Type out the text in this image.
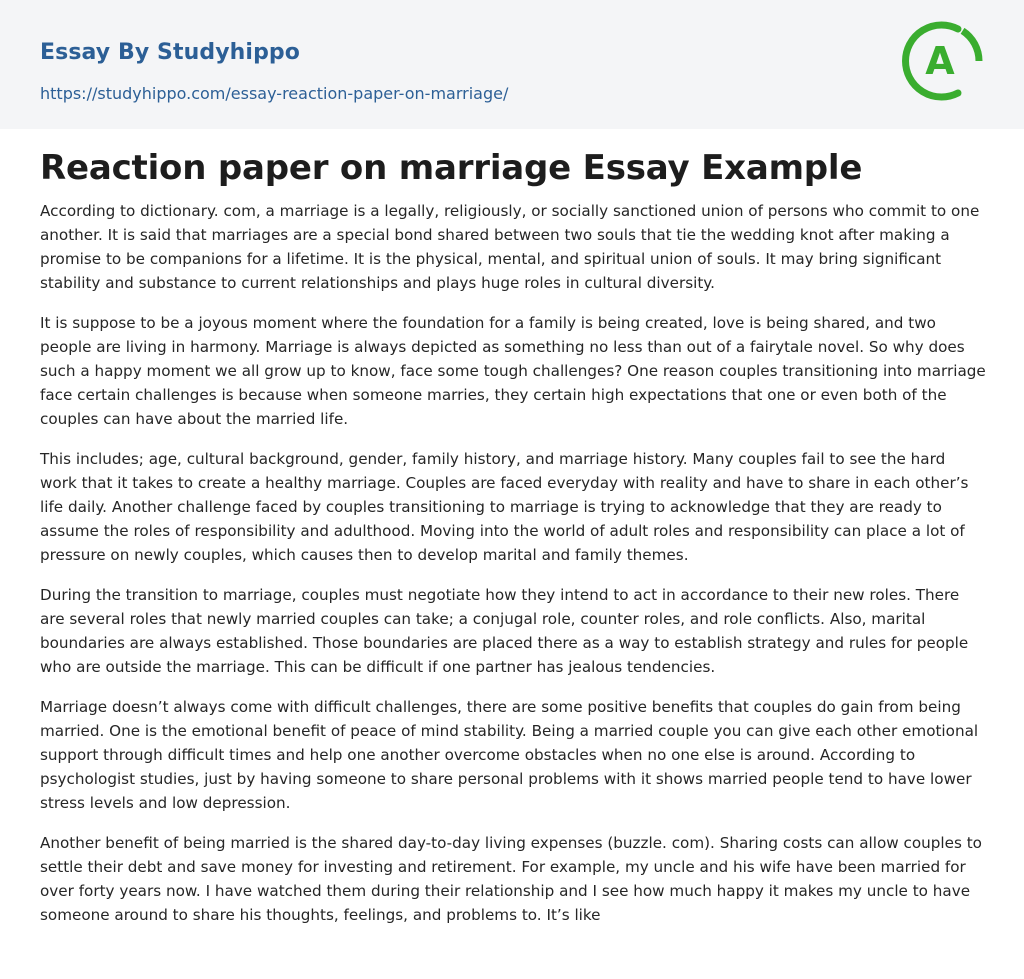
Essay By Studyhippo
https://studyhippo.com/essay-reaction-paper-on-marriage/
A
Reaction paper on marriage Essay Example

According to dictionary. com, a marriage is a legally, religiously, or socially sanctioned union of persons who commit to one another. It is said that marriages are a special bond shared between two souls that tie the wedding knot after making a promise to be companions for a lifetime. It is the physical, mental, and spiritual union of souls. It may bring significant stability and substance to current relationships and plays huge roles in cultural diversity.

It is suppose to be a joyous moment where the foundation for a family is being created, love is being shared, and two people are living in harmony. Marriage is always depicted as something no less than out of a fairytale novel. So why does such a happy moment we all grow up to know, face some tough challenges? One reason couples transitioning into marriage face certain challenges is because when someone marries, they certain high expectations that one or even both of the couples can have about the married life.

This includes; age, cultural background, gender, family history, and marriage history. Many couples fail to see the hard work that it takes to create a healthy marriage. Couples are faced everyday with reality and have to share in each other’s life daily. Another challenge faced by couples transitioning to marriage is trying to acknowledge that they are ready to assume the roles of responsibility and adulthood. Moving into the world of adult roles and responsibility can place a lot of pressure on newly couples, which causes then to develop marital and family themes.

During the transition to marriage, couples must negotiate how they intend to act in accordance to their new roles. There are several roles that newly married couples can take; a conjugal role, counter roles, and role conflicts. Also, marital boundaries are always established. Those boundaries are placed there as a way to establish strategy and rules for people who are outside the marriage. This can be difficult if one partner has jealous tendencies.

Marriage doesn’t always come with difficult challenges, there are some positive benefits that couples do gain from being married. One is the emotional benefit of peace of mind stability. Being a married couple you can give each other emotional support through difficult times and help one another overcome obstacles when no one else is around. According to psychologist studies, just by having someone to share personal problems with it shows married people tend to have lower stress levels and low depression.

Another benefit of being married is the shared day-to-day living expenses (buzzle. com). Sharing costs can allow couples to settle their debt and save money for investing and retirement. For example, my uncle and his wife have been married for over forty years now. I have watched them during their relationship and I see how much happy it makes my uncle to have someone around to share his thoughts, feelings, and problems to. It’s like
